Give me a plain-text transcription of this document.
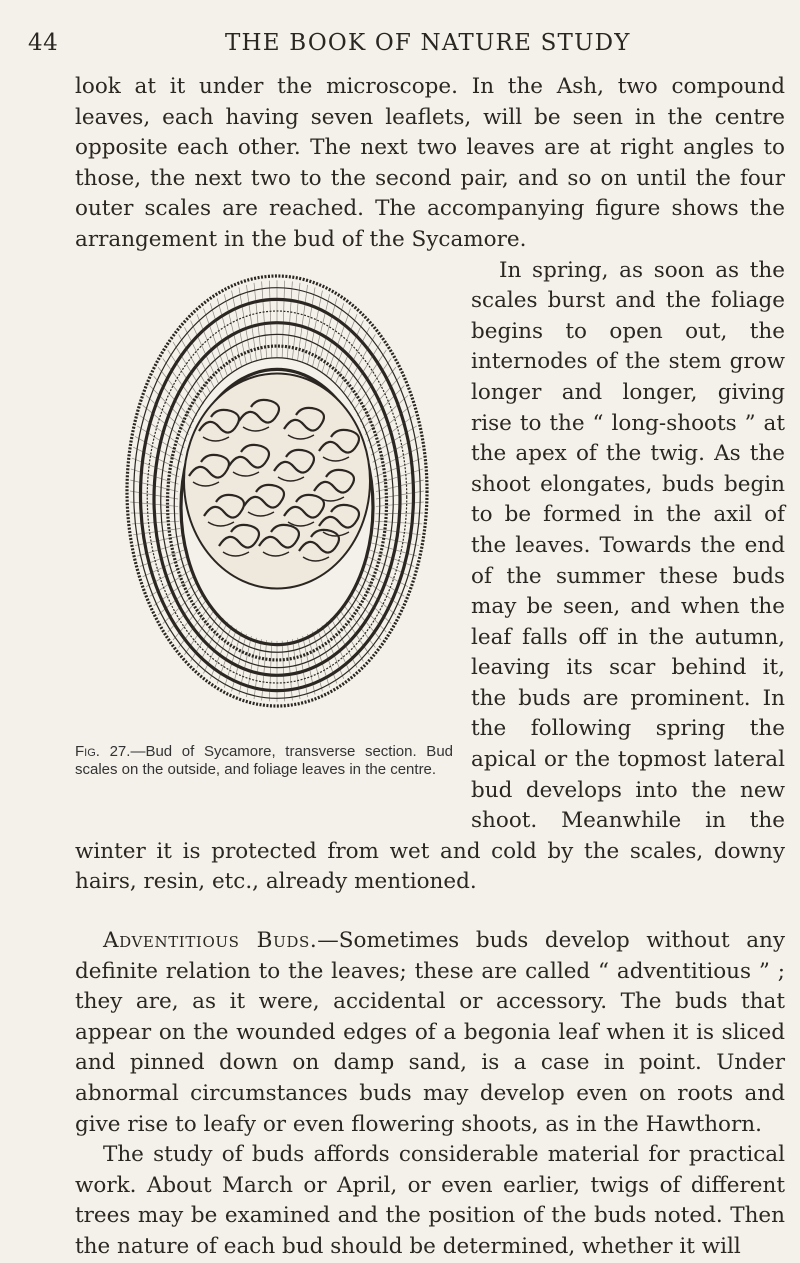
44	THE BOOK OF NATURE STUDY

look at it under the microscope. In the Ash, two compound leaves, each having seven leaflets, will be seen in the centre opposite each other. The next two leaves are at right angles to those, the next two to the second pair, and so on until the four outer scales are reached. The accompanying figure shows the arrangement in the bud of the Sycamore.

Fig. 27.—Bud of Sycamore, transverse section. Bud scales on the outside, and foliage leaves in the centre.

In spring, as soon as the scales burst and the foliage begins to open out, the internodes of the stem grow longer and longer, giving rise to the “ long-shoots ” at the apex of the twig. As the shoot elongates, buds begin to be formed in the axil of the leaves. Towards the end of the summer these buds may be seen, and when the leaf falls off in the autumn, leaving its scar behind it, the buds are prominent. In the following spring the apical or the topmost lateral bud develops into the new shoot. Meanwhile in the winter it is protected from wet and cold by the scales, downy hairs, resin, etc., already mentioned.

Adventitious Buds.—Sometimes buds develop without any definite relation to the leaves; these are called “ adventitious ” ; they are, as it were, accidental or accessory. The buds that appear on the wounded edges of a begonia leaf when it is sliced and pinned down on damp sand, is a case in point. Under abnormal circumstances buds may develop even on roots and give rise to leafy or even flowering shoots, as in the Hawthorn.

The study of buds affords considerable material for practical work. About March or April, or even earlier, twigs of different trees may be examined and the position of the buds noted. Then the nature of each bud should be determined, whether it will
